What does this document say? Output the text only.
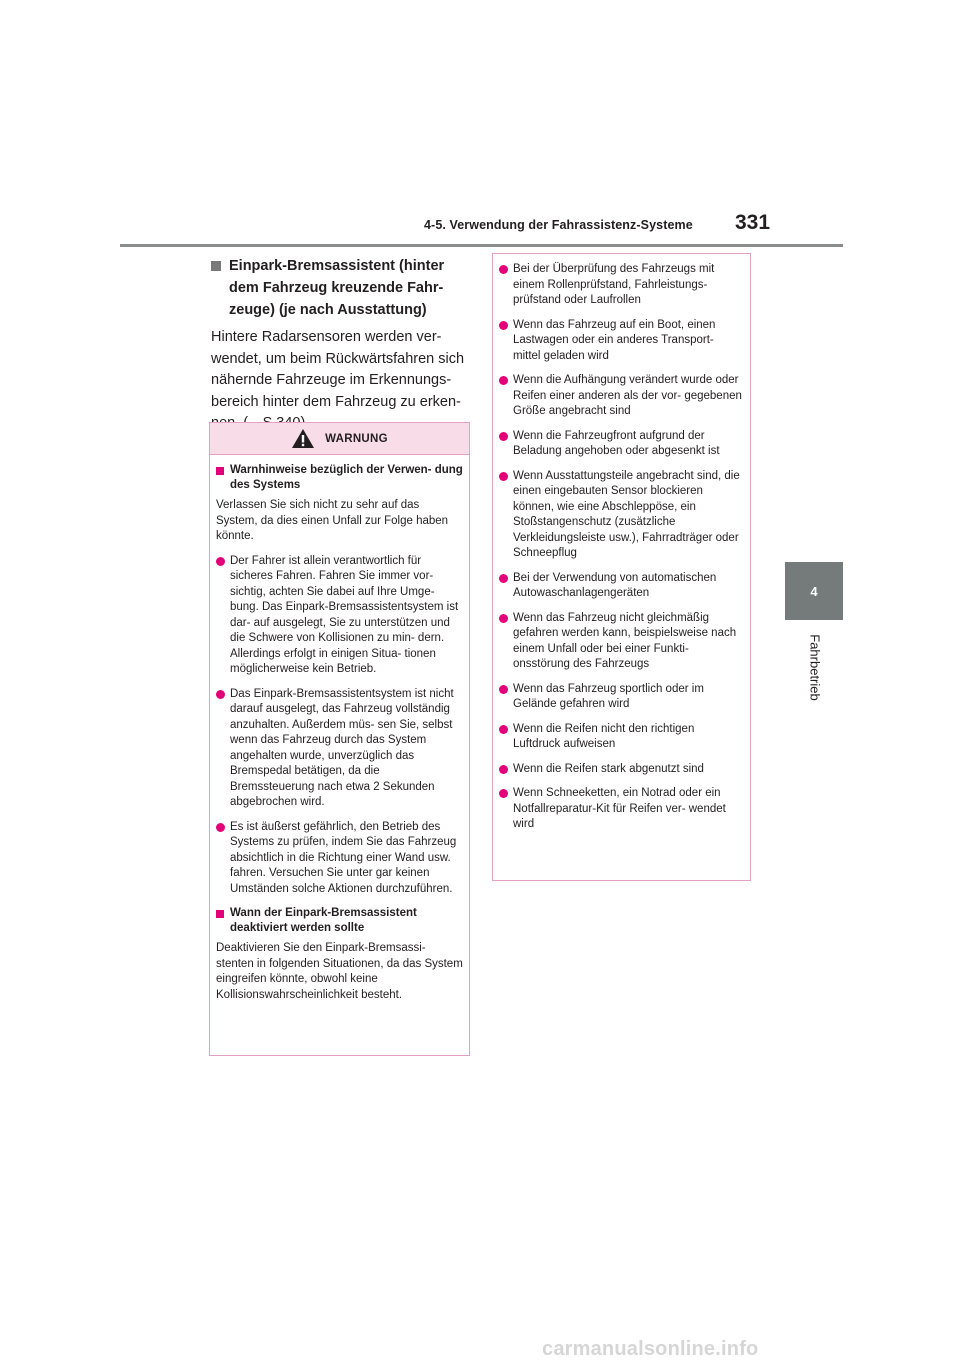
4-5. Verwendung der Fahrassistenz-Systeme 331
4
Fahrbetrieb
Einpark-Bremsassistent (hinter dem Fahrzeug kreuzende Fahr- zeuge) (je nach Ausstattung)
Hintere Radarsensoren werden ver- wendet, um beim Rückwärtsfahren sich nähernde Fahrzeuge im Erkennungs- bereich hinter dem Fahrzeug zu erken-
WARNUNG
Warnhinweise bezüglich der Verwen- dung des Systems
Verlassen Sie sich nicht zu sehr auf das System, da dies einen Unfall zur Folge haben könnte.
Der Fahrer ist allein verantwortlich für sicheres Fahren. Fahren Sie immer vor- sichtig, achten Sie dabei auf Ihre Umge- bung. Das Einpark-Bremsassistentsystem ist dar- auf ausgelegt, Sie zu unterstützen und die Schwere von Kollisionen zu min- dern. Allerdings erfolgt in einigen Situa- tionen möglicherweise kein Betrieb.
Das Einpark-Bremsassistentsystem ist nicht darauf ausgelegt, das Fahrzeug vollständig anzuhalten. Außerdem müs- sen Sie, selbst wenn das Fahrzeug durch das System angehalten wurde, unverzüglich das Bremspedal betätigen, da die Bremssteuerung nach etwa 2 Sekunden abgebrochen wird.
Es ist äußerst gefährlich, den Betrieb des Systems zu prüfen, indem Sie das Fahrzeug absichtlich in die Richtung einer Wand usw. fahren. Versuchen Sie unter gar keinen Umständen solche Aktionen durchzuführen.
Wann der Einpark-Bremsassistent deaktiviert werden sollte
Deaktivieren Sie den Einpark-Bremsassi- stenten in folgenden Situationen, da das System eingreifen könnte, obwohl keine Kollisionswahrscheinlichkeit besteht.
Bei der Überprüfung des Fahrzeugs mit einem Rollenprüfstand, Fahrleistungs- prüfstand oder Laufrollen
Wenn das Fahrzeug auf ein Boot, einen Lastwagen oder ein anderes Transport- mittel geladen wird
Wenn die Aufhängung verändert wurde oder Reifen einer anderen als der vor- gegebenen Größe angebracht sind
Wenn die Fahrzeugfront aufgrund der Beladung angehoben oder abgesenkt ist
Wenn Ausstattungsteile angebracht sind, die einen eingebauten Sensor blockieren können, wie eine Abschleppöse, ein Stoßstangenschutz (zusätzliche Verkleidungsleiste usw.), Fahrradträger oder Schneepflug
Bei der Verwendung von automatischen Autowaschanlagengeräten
Wenn das Fahrzeug nicht gleichmäßig gefahren werden kann, beispielsweise nach einem Unfall oder bei einer Funkti- onsstörung des Fahrzeugs
Wenn das Fahrzeug sportlich oder im Gelände gefahren wird
Wenn die Reifen nicht den richtigen Luftdruck aufweisen
Wenn die Reifen stark abgenutzt sind
Wenn Schneeketten, ein Notrad oder ein Notfallreparatur-Kit für Reifen ver- wendet wird
carmanualsonline.info
